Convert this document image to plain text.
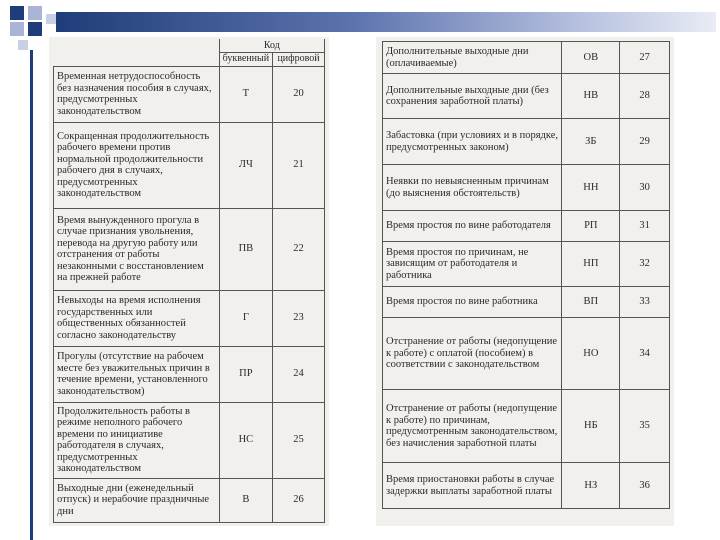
	Код	
	буквенный	цифровой
Временная нетрудоспособность без назначения пособия в случаях, предусмотренных законодательством	Т	20
Сокращенная продолжительность рабочего времени против нормальной продолжительности рабочего дня в случаях, предусмотренных законодательством	ЛЧ	21
Время вынужденного прогула в случае признания увольнения, перевода на другую работу или отстранения от работы незаконными с восстановлением на прежней работе	ПВ	22
Невыходы на время исполнения государственных или общественных обязанностей согласно законодательству	Г	23
Прогулы (отсутствие на рабочем месте без уважительных причин в течение времени, установленного законодательством)	ПР	24
Продолжительность работы в режиме неполного рабочего времени по инициативе работодателя в случаях, предусмотренных законодательством	НС	25
Выходные дни (еженедельный отпуск) и нерабочие праздничные дни	В	26
Дополнительные выходные дни (оплачиваемые)	ОВ	27
Дополнительные выходные дни (без сохранения заработной платы)	НВ	28
Забастовка (при условиях и в порядке, предусмотренных законом)	ЗБ	29
Неявки по невыясненным причинам (до выяснения обстоятельств)	НН	30
Время простоя по вине работодателя	РП	31
Время простоя по причинам, не зависящим от работодателя и работника	НП	32
Время простоя по вине работника	ВП	33
Отстранение от работы (недопущение к работе) с оплатой (пособием) в соответствии с законодательством	НО	34
Отстранение от работы (недопущение к работе) по причинам, предусмотренным законодательством, без начисления заработной платы	НБ	35
Время приостановки работы в случае задержки выплаты заработной платы	НЗ	36
